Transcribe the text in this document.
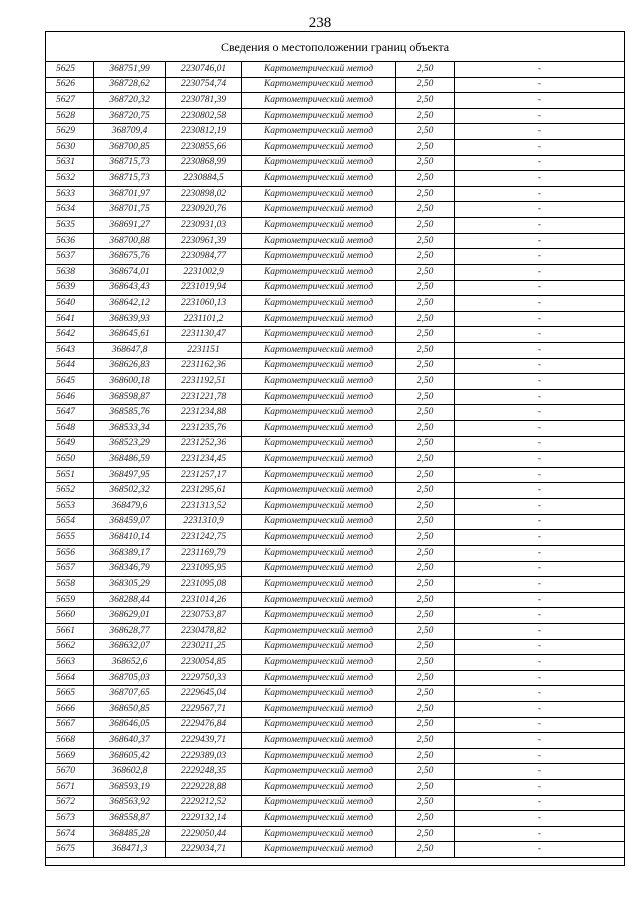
238
Сведения о местоположении границ объекта
5625	368751,99	2230746,01	Картометрический метод	2,50	-
5626	368728,62	2230754,74	Картометрический метод	2,50	-
5627	368720,32	2230781,39	Картометрический метод	2,50	-
5628	368720,75	2230802,58	Картометрический метод	2,50	-
5629	368709,4	2230812,19	Картометрический метод	2,50	-
5630	368700,85	2230855,66	Картометрический метод	2,50	-
5631	368715,73	2230868,99	Картометрический метод	2,50	-
5632	368715,73	2230884,5	Картометрический метод	2,50	-
5633	368701,97	2230898,02	Картометрический метод	2,50	-
5634	368701,75	2230920,76	Картометрический метод	2,50	-
5635	368691,27	2230931,03	Картометрический метод	2,50	-
5636	368700,88	2230961,39	Картометрический метод	2,50	-
5637	368675,76	2230984,77	Картометрический метод	2,50	-
5638	368674,01	2231002,9	Картометрический метод	2,50	-
5639	368643,43	2231019,94	Картометрический метод	2,50	-
5640	368642,12	2231060,13	Картометрический метод	2,50	-
5641	368639,93	2231101,2	Картометрический метод	2,50	-
5642	368645,61	2231130,47	Картометрический метод	2,50	-
5643	368647,8	2231151	Картометрический метод	2,50	-
5644	368626,83	2231162,36	Картометрический метод	2,50	-
5645	368600,18	2231192,51	Картометрический метод	2,50	-
5646	368598,87	2231221,78	Картометрический метод	2,50	-
5647	368585,76	2231234,88	Картометрический метод	2,50	-
5648	368533,34	2231235,76	Картометрический метод	2,50	-
5649	368523,29	2231252,36	Картометрический метод	2,50	-
5650	368486,59	2231234,45	Картометрический метод	2,50	-
5651	368497,95	2231257,17	Картометрический метод	2,50	-
5652	368502,32	2231295,61	Картометрический метод	2,50	-
5653	368479,6	2231313,52	Картометрический метод	2,50	-
5654	368459,07	2231310,9	Картометрический метод	2,50	-
5655	368410,14	2231242,75	Картометрический метод	2,50	-
5656	368389,17	2231169,79	Картометрический метод	2,50	-
5657	368346,79	2231095,95	Картометрический метод	2,50	-
5658	368305,29	2231095,08	Картометрический метод	2,50	-
5659	368288,44	2231014,26	Картометрический метод	2,50	-
5660	368629,01	2230753,87	Картометрический метод	2,50	-
5661	368628,77	2230478,82	Картометрический метод	2,50	-
5662	368632,07	2230211,25	Картометрический метод	2,50	-
5663	368652,6	2230054,85	Картометрический метод	2,50	-
5664	368705,03	2229750,33	Картометрический метод	2,50	-
5665	368707,65	2229645,04	Картометрический метод	2,50	-
5666	368650,85	2229567,71	Картометрический метод	2,50	-
5667	368646,05	2229476,84	Картометрический метод	2,50	-
5668	368640,37	2229439,71	Картометрический метод	2,50	-
5669	368605,42	2229389,03	Картометрический метод	2,50	-
5670	368602,8	2229248,35	Картометрический метод	2,50	-
5671	368593,19	2229228,88	Картометрический метод	2,50	-
5672	368563,92	2229212,52	Картометрический метод	2,50	-
5673	368558,87	2229132,14	Картометрический метод	2,50	-
5674	368485,28	2229050,44	Картометрический метод	2,50	-
5675	368471,3	2229034,71	Картометрический метод	2,50	-
